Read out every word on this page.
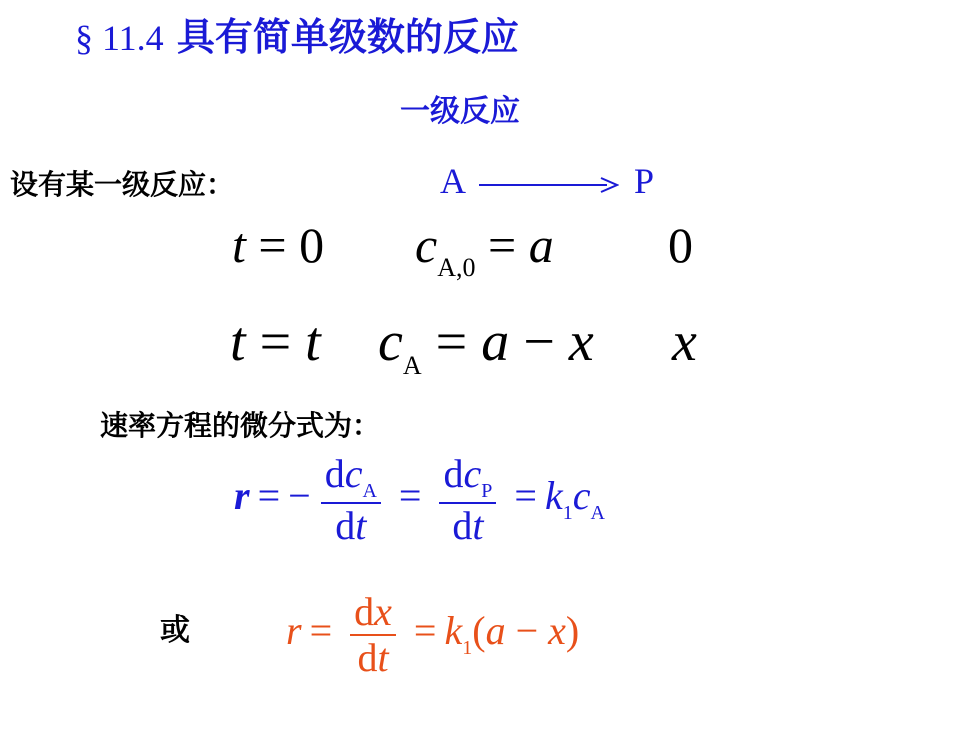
§ 11.4 具有简单级数的反应
一级反应
设有某一级反应：	A → P
t = 0 $c_{A,0} = a$ 0
t = t $c_A = a - x$ x
速率方程的微分式为：
r = − $\frac{dc_A}{dt} = \frac{dc_P}{dt} = k_1c_A$
或 $r = \frac{dx}{dt} = k_1(a - x)$
